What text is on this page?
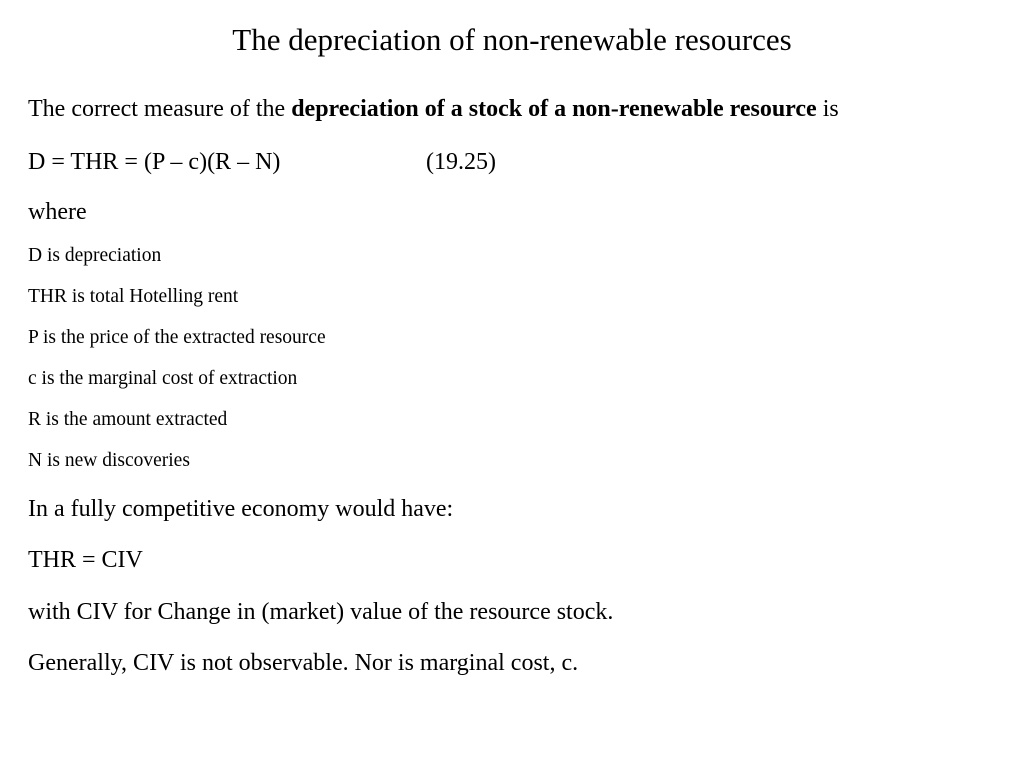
The depreciation of non-renewable resources
The correct measure of the depreciation of a stock of a non-renewable resource is
D = THR = (P – c)(R – N)	(19.25)
where
D is depreciation
THR is total Hotelling rent
P is the price of the extracted resource
c is the marginal cost of extraction
R is the amount extracted
N is new discoveries
In a fully competitive economy would have:
THR = CIV
with CIV for Change in (market) value of the resource stock.
Generally, CIV is not observable. Nor is marginal cost, c.
